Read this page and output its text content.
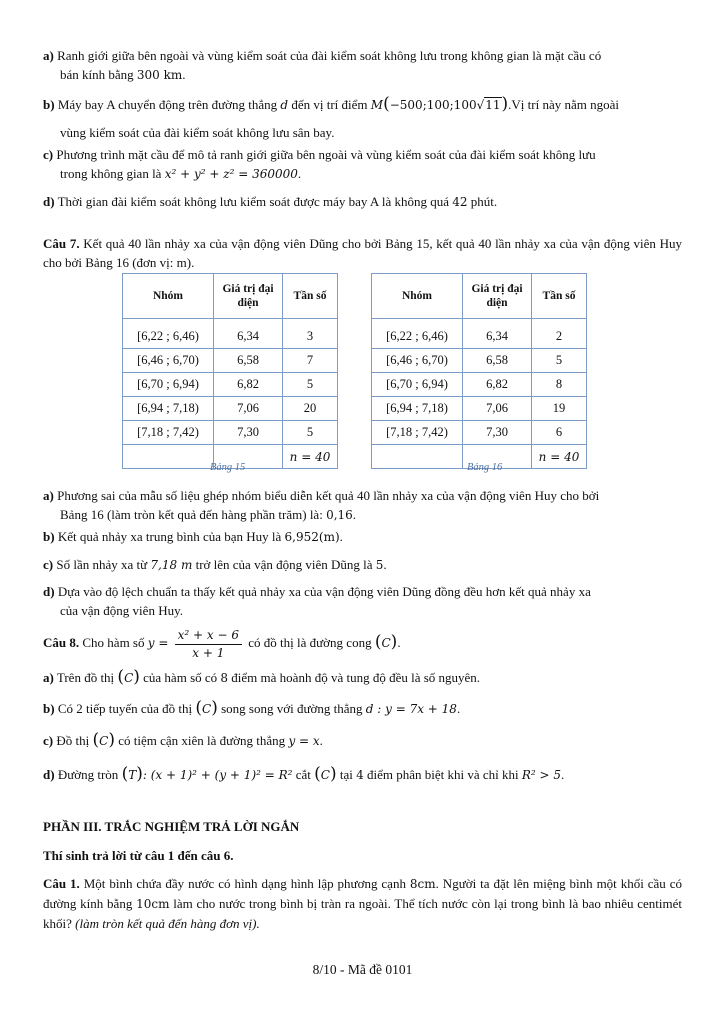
a) Ranh giới giữa bên ngoài và vùng kiểm soát của đài kiểm soát không lưu trong không gian là mặt cầu có
bán kính bằng 300 km.
b) Máy bay A chuyển động trên đường thẳng d đến vị trí điểm M(−500;100;100√11).Vị trí này nằm ngoài
vùng kiểm soát của đài kiểm soát không lưu sân bay.
c) Phương trình mặt cầu để mô tả ranh giới giữa bên ngoài và vùng kiểm soát của đài kiểm soát không lưu
trong không gian là x² + y² + z² = 360000.
d) Thời gian đài kiểm soát không lưu kiểm soát được máy bay A là không quá 42 phút.
Câu 7. Kết quả 40 lần nhảy xa của vận động viên Dũng cho bởi Bảng 15, kết quả 40 lần nhảy xa của vận động viên Huy cho bởi Bảng 16 (đơn vị: m).
Nhóm	Giá trị đại diện	Tần số
[6,22 ; 6,46)	6,34	3
[6,46 ; 6,70)	6,58	7
[6,70 ; 6,94)	6,82	5
[6,94 ; 7,18)	7,06	20
[7,18 ; 7,42)	7,30	5
		n = 40
Bảng 15
Nhóm	Giá trị đại diện	Tần số
[6,22 ; 6,46)	6,34	2
[6,46 ; 6,70)	6,58	5
[6,70 ; 6,94)	6,82	8
[6,94 ; 7,18)	7,06	19
[7,18 ; 7,42)	7,30	6
		n = 40
Bảng 16
a) Phương sai của mẫu số liệu ghép nhóm biểu diễn kết quả 40 lần nhảy xa của vận động viên Huy cho bởi
Bảng 16 (làm tròn kết quả đến hàng phần trăm) là: 0,16.
b) Kết quả nhảy xa trung bình của bạn Huy là 6,952(m).
c) Số lần nhảy xa từ 7,18 m trở lên của vận động viên Dũng là 5.
d) Dựa vào độ lệch chuẩn ta thấy kết quả nhảy xa của vận động viên Dũng đồng đều hơn kết quả nhảy xa
của vận động viên Huy.
Câu 8. Cho hàm số $y = \frac{\text{x² + x − 6}}{x + 1}$ có đồ thị là đường cong (C).
a) Trên đồ thị (C) của hàm số có 8 điểm mà hoành độ và tung độ đều là số nguyên.
b) Có 2 tiếp tuyến của đồ thị (C) song song với đường thẳng d : y = 7x + 18.
c) Đồ thị (C) có tiệm cận xiên là đường thẳng y = x.
d) Đường tròn (T): (x + 1)² + (y + 1)² = R² cắt (C) tại 4 điểm phân biệt khi và chỉ khi R² > 5.
PHẦN III. TRẮC NGHIỆM TRẢ LỜI NGẮN
Thí sinh trả lời từ câu 1 đến câu 6.
Câu 1. Một bình chứa đầy nước có hình dạng hình lập phương cạnh 8cm. Người ta đặt lên miệng bình một khối cầu có đường kính bằng 10cm làm cho nước trong bình bị tràn ra ngoài. Thể tích nước còn lại trong bình là bao nhiêu centimét khối? (làm tròn kết quả đến hàng đơn vị).
8/10 - Mã đề 0101
